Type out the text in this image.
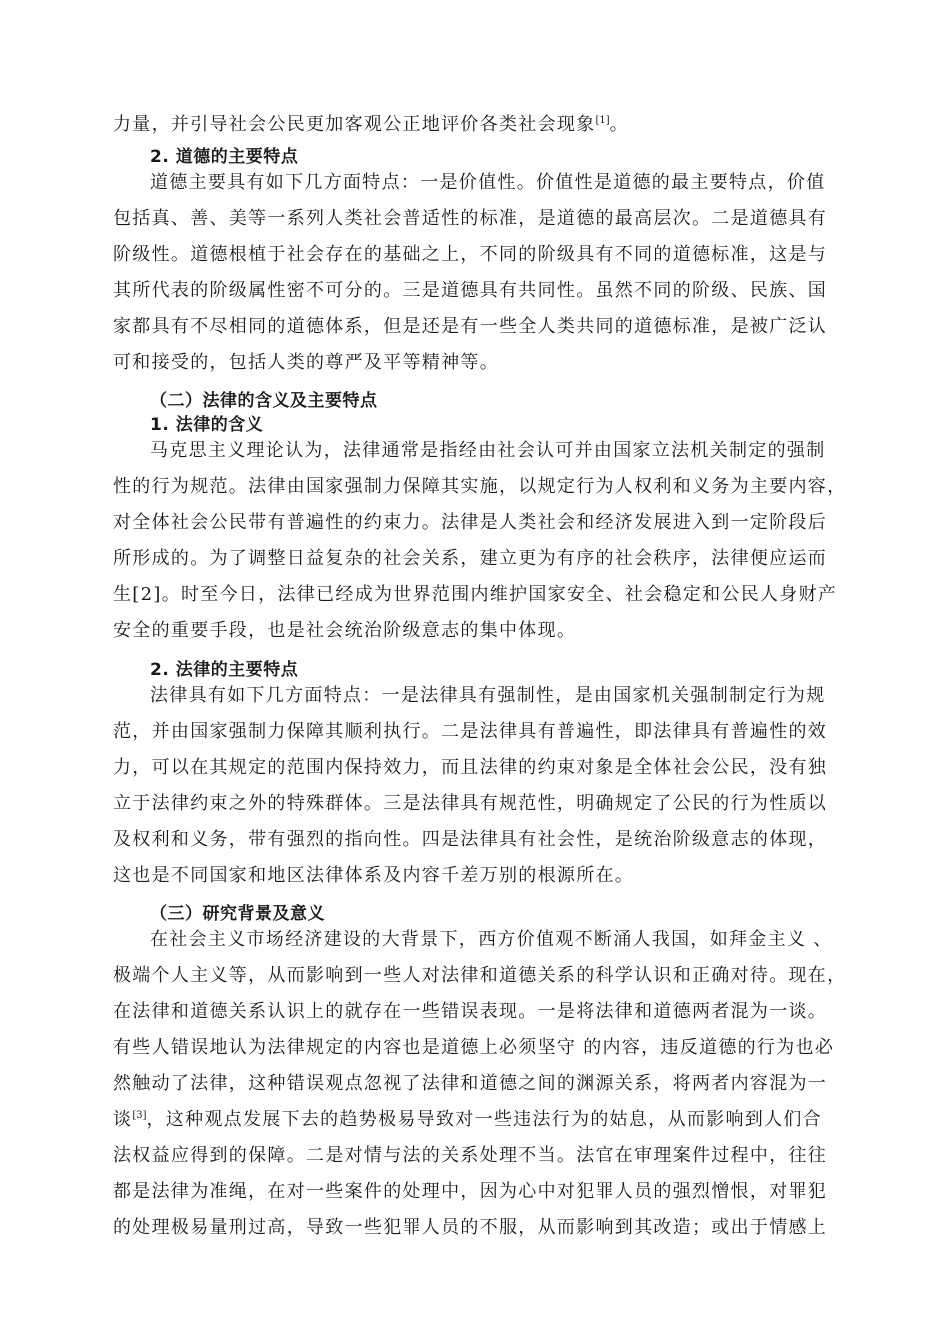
力量，并引导社会公民更加客观公正地评价各类社会现象[1]。
2. 道德的主要特点
道德主要具有如下几方面特点：一是价值性。价值性是道德的最主要特点，价值
包括真、善、美等一系列人类社会普适性的标准，是道德的最高层次。二是道德具有
阶级性。道德根植于社会存在的基础之上，不同的阶级具有不同的道德标准，这是与
其所代表的阶级属性密不可分的。三是道德具有共同性。虽然不同的阶级、民族、国
家都具有不尽相同的道德体系，但是还是有一些全人类共同的道德标准，是被广泛认
可和接受的，包括人类的尊严及平等精神等。
（二）法律的含义及主要特点
1. 法律的含义
马克思主义理论认为，法律通常是指经由社会认可并由国家立法机关制定的强制
性的行为规范。法律由国家强制力保障其实施，以规定行为人权利和义务为主要内容，
对全体社会公民带有普遍性的约束力。法律是人类社会和经济发展进入到一定阶段后
所形成的。为了调整日益复杂的社会关系，建立更为有序的社会秩序，法律便应运而
生[2]。时至今日，法律已经成为世界范围内维护国家安全、社会稳定和公民人身财产
安全的重要手段，也是社会统治阶级意志的集中体现。
2. 法律的主要特点
法律具有如下几方面特点：一是法律具有强制性，是由国家机关强制制定行为规
范，并由国家强制力保障其顺利执行。二是法律具有普遍性，即法律具有普遍性的效
力，可以在其规定的范围内保持效力，而且法律的约束对象是全体社会公民，没有独
立于法律约束之外的特殊群体。三是法律具有规范性，明确规定了公民的行为性质以
及权利和义务，带有强烈的指向性。四是法律具有社会性，是统治阶级意志的体现，
这也是不同国家和地区法律体系及内容千差万别的根源所在。
（三）研究背景及意义
在社会主义市场经济建设的大背景下，西方价值观不断涌人我国，如拜金主义 、
极端个人主义等，从而影响到一些人对法律和道德关系的科学认识和正确对待。现在，
在法律和道德关系认识上的就存在一些错误表现。一是将法律和道德两者混为一谈。
有些人错误地认为法律规定的内容也是道德上必须坚守 的内容，违反道德的行为也必
然触动了法律，这种错误观点忽视了法律和道德之间的渊源关系，将两者内容混为一
谈[3]，这种观点发展下去的趋势极易导致对一些违法行为的姑息，从而影响到人们合
法权益应得到的保障。二是对情与法的关系处理不当。法官在审理案件过程中，往往
都是法律为准绳，在对一些案件的处理中，因为心中对犯罪人员的强烈憎恨，对罪犯
的处理极易量刑过高，导致一些犯罪人员的不服，从而影响到其改造；或出于情感上
